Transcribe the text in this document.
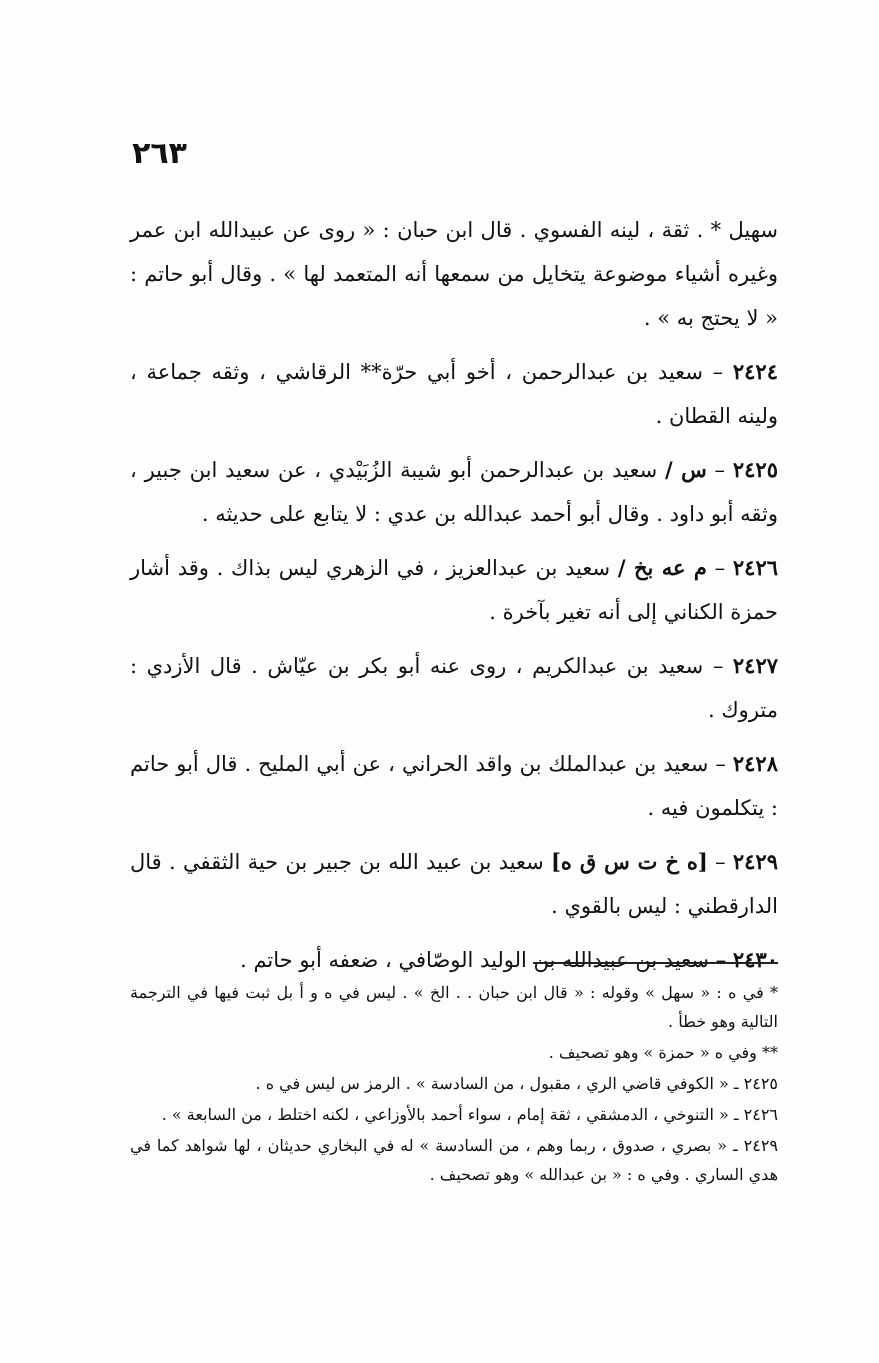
٢٦٣

سهيل * . ثقة ، لينه الفسوي . قال ابن حبان : « روى عن عبيدالله ابن عمر وغيره أشياء موضوعة يتخايل من سمعها أنه المتعمد لها » . وقال أبو حاتم : « لا يحتج به » .

٢٤٢٤ – سعيد بن عبدالرحمن ، أخو أبي حرّة** الرقاشي ، وثقه جماعة ، ولينه القطان .

٢٤٢٥ – س / سعيد بن عبدالرحمن أبو شيبة الزُبَيْدي ، عن سعيد ابن جبير ، وثقه أبو داود . وقال أبو أحمد عبدالله بن عدي : لا يتابع على حديثه .

٢٤٢٦ – م عه بخ / سعيد بن عبدالعزيز ، في الزهري ليس بذاك . وقد أشار حمزة الكناني إلى أنه تغير بآخرة .

٢٤٢٧ – سعيد بن عبدالكريم ، روى عنه أبو بكر بن عيّاش . قال الأزدي : متروك .

٢٤٢٨ – سعيد بن عبدالملك بن واقد الحراني ، عن أبي المليح . قال أبو حاتم : يتكلمون فيه .

٢٤٢٩ – [ه خ ت س ق ه] سعيد بن عبيد الله بن جبير بن حية الثقفي . قال الدارقطني : ليس بالقوي .

٢٤٣٠ – سعيد بن عبيدالله بن الوليد الوصّافي ، ضعفه أبو حاتم .

* في ه : « سهل » وقوله : « قال ابن حبان . . الخ » . ليس في ه و أ بل ثبت فيها في الترجمة التالية وهو خطأ .

** وفي ه « حمزة » وهو تصحيف .

٢٤٢٥ ـ « الكوفي قاضي الري ، مقبول ، من السادسة » . الرمز س ليس في ه .

٢٤٢٦ ـ « التنوخي ، الدمشقي ، ثقة إمام ، سواء أحمد بالأوزاعي ، لكنه اختلط ، من السابعة » .

٢٤٢٩ ـ « بصري ، صدوق ، ربما وهم ، من السادسة » له في البخاري حديثان ، لها شواهد كما في هدي الساري . وفي ه : « بن عبدالله » وهو تصحيف .
